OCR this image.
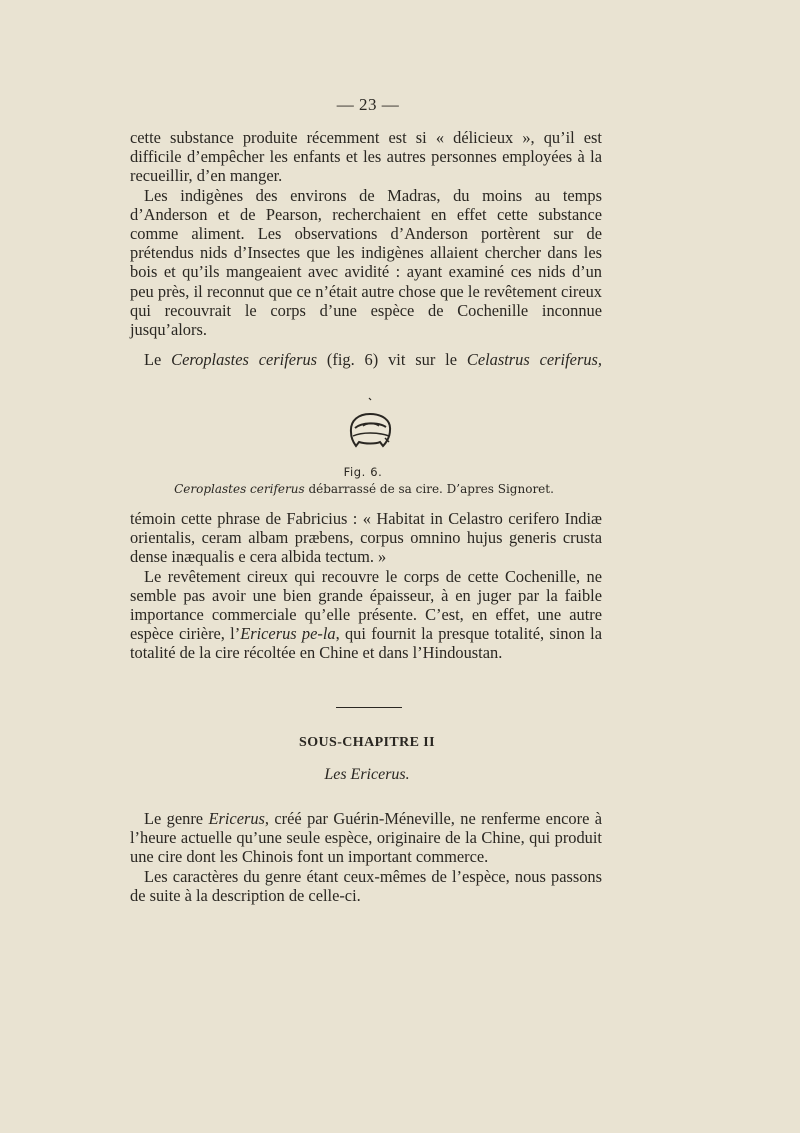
— 23 —

cette substance produite récemment est si « délicieux », qu’il est difficile d’empêcher les enfants et les autres personnes employées à la recueillir, d’en manger.

Les indigènes des environs de Madras, du moins au temps d’Anderson et de Pearson, recherchaient en effet cette substance comme aliment. Les observations d’Anderson portèrent sur de prétendus nids d’Insectes que les indigènes allaient chercher dans les bois et qu’ils mangeaient avec avidité : ayant examiné ces nids d’un peu près, il reconnut que ce n’était autre chose que le revêtement cireux qui recouvrait le corps d’une espèce de Cochenille inconnue jusqu’alors.

Le Ceroplastes ceriferus (fig. 6) vit sur le Celastrus ceriferus,

Fig. 6.
Ceroplastes ceriferus débarrassé de sa cire. D’apres Signoret.

témoin cette phrase de Fabricius : « Habitat in Celastro cerifero Indiæ orientalis, ceram albam præbens, corpus omnino hujus generis crusta dense inæqualis e cera albida tectum. »

Le revêtement cireux qui recouvre le corps de cette Cochenille, ne semble pas avoir une bien grande épaisseur, à en juger par la faible importance commerciale qu’elle présente. C’est, en effet, une autre espèce cirière, l’Ericerus pe-la, qui fournit la presque totalité, sinon la totalité de la cire récoltée en Chine et dans l’Hindoustan.

SOUS-CHAPITRE II
Les Ericerus.

Le genre Ericerus, créé par Guérin-Méneville, ne renferme encore à l’heure actuelle qu’une seule espèce, originaire de la Chine, qui produit une cire dont les Chinois font un important commerce.

Les caractères du genre étant ceux-mêmes de l’espèce, nous passons de suite à la description de celle-ci.
